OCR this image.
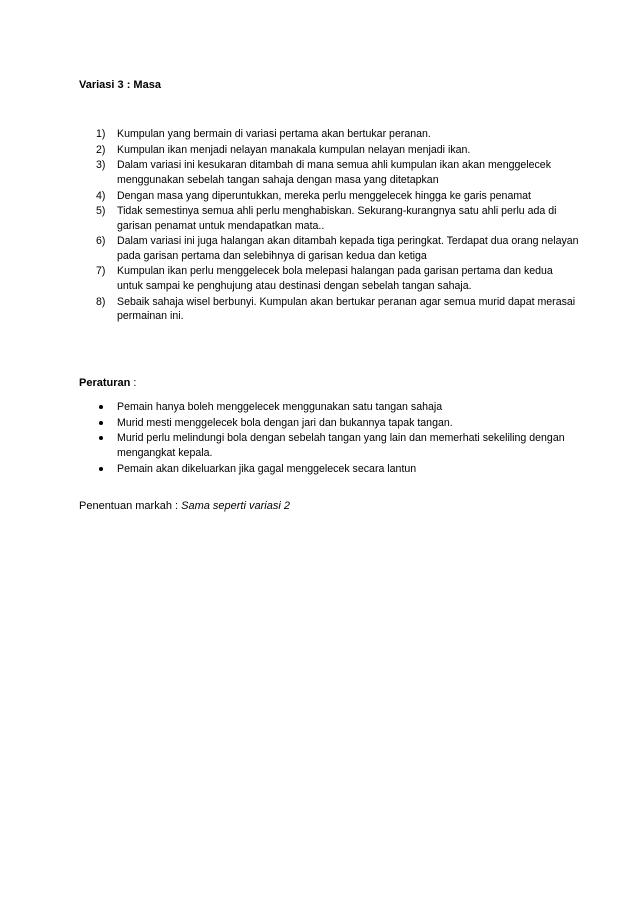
Variasi 3 : Masa

1) Kumpulan yang bermain di variasi pertama akan bertukar peranan.
2) Kumpulan ikan menjadi nelayan manakala kumpulan nelayan menjadi ikan.
3) Dalam variasi ini kesukaran ditambah di mana semua ahli kumpulan ikan akan menggelecek menggunakan sebelah tangan sahaja dengan masa yang ditetapkan
4) Dengan masa yang diperuntukkan, mereka perlu menggelecek hingga ke garis penamat
5) Tidak semestinya semua ahli perlu menghabiskan. Sekurang-kurangnya satu ahli perlu ada di garisan penamat untuk mendapatkan mata..
6) Dalam variasi ini juga halangan akan ditambah kepada tiga peringkat. Terdapat dua orang nelayan pada garisan pertama dan selebihnya di garisan kedua dan ketiga
7) Kumpulan ikan perlu menggelecek bola melepasi halangan pada garisan pertama dan kedua untuk sampai ke penghujung atau destinasi dengan sebelah tangan sahaja.
8) Sebaik sahaja wisel berbunyi. Kumpulan akan bertukar peranan agar semua murid dapat merasai permainan ini.

Peraturan :

Pemain hanya boleh menggelecek menggunakan satu tangan sahaja
Murid mesti menggelecek bola dengan jari dan bukannya tapak tangan.
Murid perlu melindungi bola dengan sebelah tangan yang lain dan memerhati sekeliling dengan mengangkat kepala.
Pemain akan dikeluarkan jika gagal menggelecek secara lantun

Penentuan markah : Sama seperti variasi 2
